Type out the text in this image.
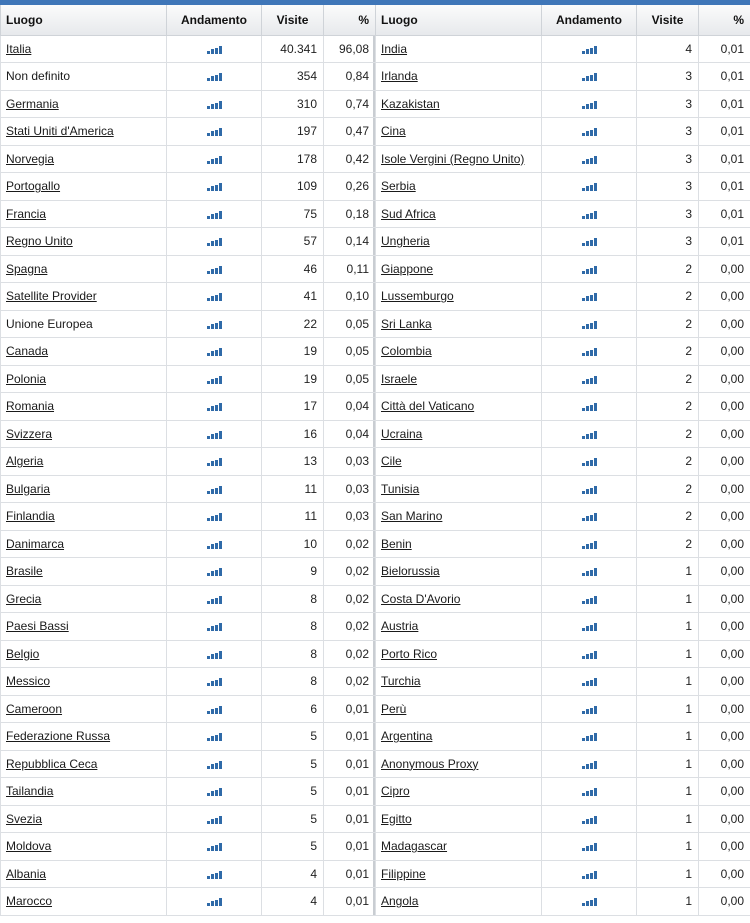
Luogo	Andamento	Visite	%
Italia		40.341	96,08
Non definito		354	0,84
Germania		310	0,74
Stati Uniti d'America		197	0,47
Norvegia		178	0,42
Portogallo		109	0,26
Francia		75	0,18
Regno Unito		57	0,14
Spagna		46	0,11
Satellite Provider		41	0,10
Unione Europea		22	0,05
Canada		19	0,05
Polonia		19	0,05
Romania		17	0,04
Svizzera		16	0,04
Algeria		13	0,03
Bulgaria		11	0,03
Finlandia		11	0,03
Danimarca		10	0,02
Brasile		9	0,02
Grecia		8	0,02
Paesi Bassi		8	0,02
Belgio		8	0,02
Messico		8	0,02
Cameroon		6	0,01
Federazione Russa		5	0,01
Repubblica Ceca		5	0,01
Tailandia		5	0,01
Svezia		5	0,01
Moldova		5	0,01
Albania		4	0,01
Marocco		4	0,01
Luogo	Andamento	Visite	%
India		4	0,01
Irlanda		3	0,01
Kazakistan		3	0,01
Cina		3	0,01
Isole Vergini (Regno Unito)		3	0,01
Serbia		3	0,01
Sud Africa		3	0,01
Ungheria		3	0,01
Giappone		2	0,00
Lussemburgo		2	0,00
Sri Lanka		2	0,00
Colombia		2	0,00
Israele		2	0,00
Città del Vaticano		2	0,00
Ucraina		2	0,00
Cile		2	0,00
Tunisia		2	0,00
San Marino		2	0,00
Benin		2	0,00
Bielorussia		1	0,00
Costa D'Avorio		1	0,00
Austria		1	0,00
Porto Rico		1	0,00
Turchia		1	0,00
Perù		1	0,00
Argentina		1	0,00
Anonymous Proxy		1	0,00
Cipro		1	0,00
Egitto		1	0,00
Madagascar		1	0,00
Filippine		1	0,00
Angola		1	0,00
